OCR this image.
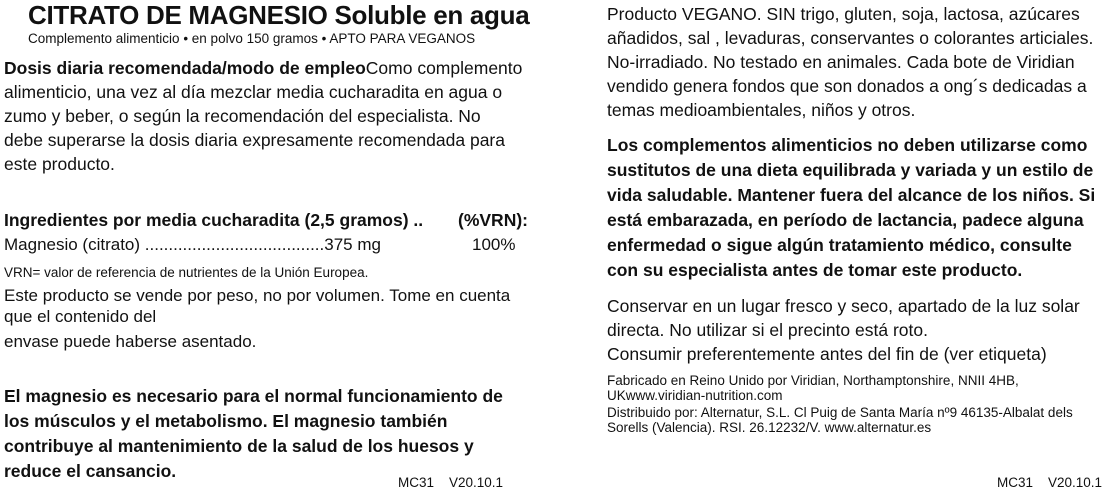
CITRATO DE MAGNESIO Soluble en agua
Complemento alimenticio • en polvo 150 gramos • APTO PARA VEGANOS
Dosis diaria recomendada/modo de empleoComo complemento alimenticio, una vez al día mezclar media cucharadita en agua o zumo y beber, o según la recomendación del especialista. No debe superarse la dosis diaria expresamente recomendada para este producto.
Ingredientes por media cucharadita (2,5 gramos) .. (%VRN):
Magnesio (citrato) ......................................375 mg	100%
VRN= valor de referencia de nutrientes de la Unión Europea.
Este producto se vende por peso, no por volumen. Tome en cuenta
que el contenido del
envase puede haberse asentado.
El magnesio es necesario para el normal funcionamiento de los músculos y el metabolismo. El magnesio también contribuye al mantenimiento de la salud de los huesos y reduce el cansancio.
MC31    V20.10.1
Producto VEGANO. SIN trigo, gluten, soja, lactosa, azúcares añadidos, sal , levaduras, conservantes o colorantes articiales. No-irradiado. No testado en animales. Cada bote de Viridian vendido genera fondos que son donados a ong´s dedicadas a temas medioambientales, niños y otros.
Los complementos alimenticios no deben utilizarse como sustitutos de una dieta equilibrada y variada y un estilo de vida saludable. Mantener fuera del alcance de los niños. Si está embarazada, en período de lactancia, padece alguna enfermedad o sigue algún tratamiento médico, consulte con su especialista antes de tomar este producto.
Conservar en un lugar fresco y seco, apartado de la luz solar directa. No utilizar si el precinto está roto.
Consumir preferentemente antes del fin de (ver etiqueta)
Fabricado en Reino Unido por Viridian, Northamptonshire, NNII 4HB, UKwww.viridian-nutrition.com
Distribuido por: Alternatur, S.L. Cl Puig de Santa María nº9 46135-Albalat dels Sorells (Valencia). RSI. 26.12232/V. www.alternatur.es
MC31    V20.10.1
